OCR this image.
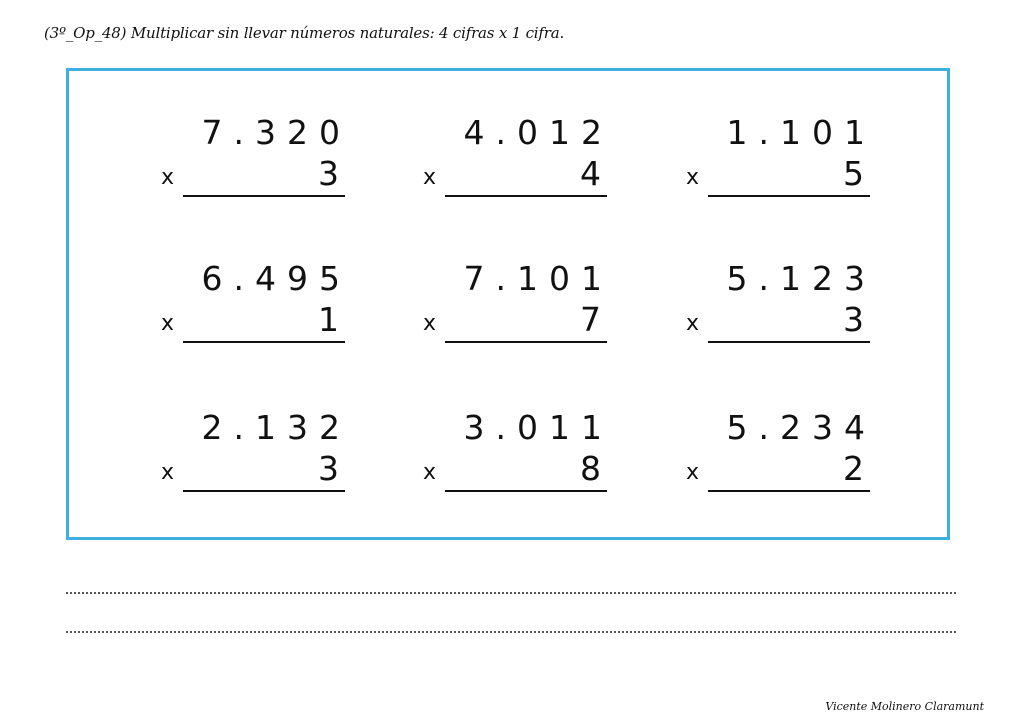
(3º_Op_48) Multiplicar sin llevar números naturales: 4 cifras x 1 cifra.
7.320
x	3
4.012
x	4
1.101
x	5
6.495
x	1
7.101
x	7
5.123
x	3
2.132
x	3
3.011
x	8
5.234
x	2
Vicente Molinero Claramunt
